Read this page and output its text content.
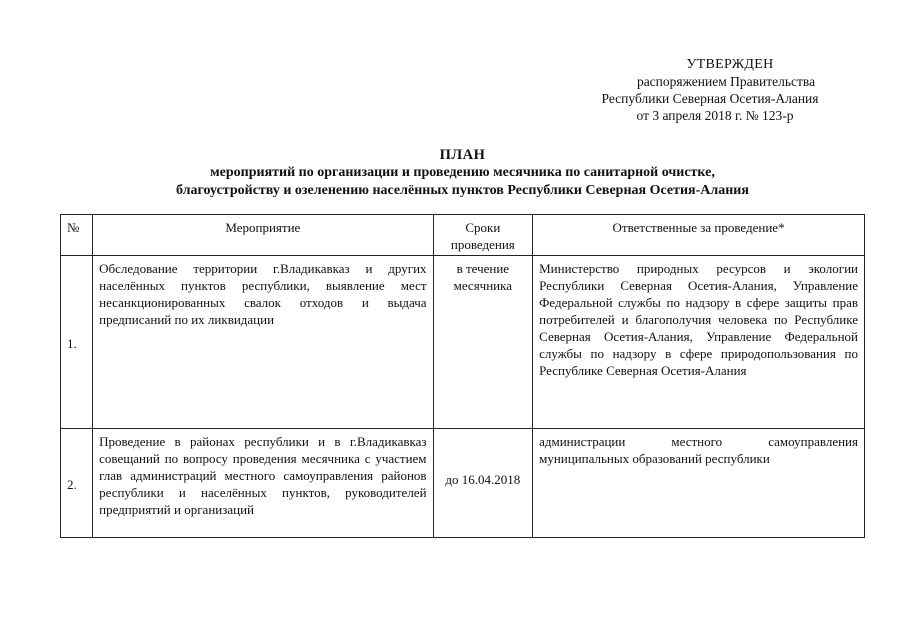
УТВЕРЖДЕН
распоряжением Правительства
Республики Северная Осетия-Алания
от 3 апреля 2018 г. № 123-р
ПЛАН
мероприятий по организации и проведению месячника по санитарной очистке,
благоустройству и озеленению населённых пунктов Республики Северная Осетия-Алания
№	Мероприятие	Сроки проведения	Ответственные за проведение*
1.	Обследование территории г.Владикавказ и других населённых пунктов республики, выявление мест несанкционированных свалок отходов и выдача предписаний по их ликвидации	в течение месячника	Министерство природных ресурсов и экологии Республики Северная Осетия-Алания, Управление Федеральной службы по надзору в сфере защиты прав потребителей и благополучия человека по Республике Северная Осетия-Алания, Управление Федеральной службы по надзору в сфере природопользования по Республике Северная Осетия-Алания
2.	Проведение в районах республики и в г.Владикавказ совещаний по вопросу проведения месячника с участием глав администраций местного самоуправления районов республики и населённых пунктов, руководителей предприятий и организаций	до 16.04.2018	администрации местного самоуправления муниципальных образований республики
